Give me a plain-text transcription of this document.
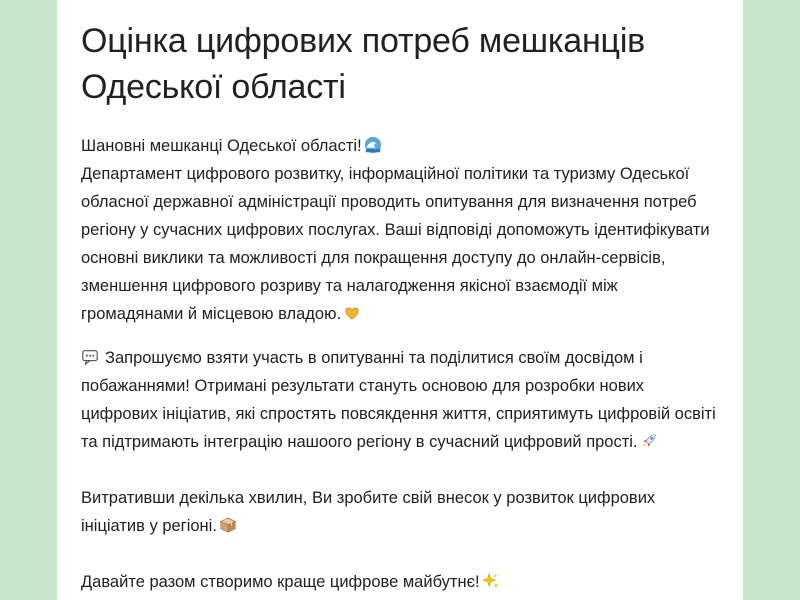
Оцінка цифрових потреб мешканців Одеської області
Шановні мешканці Одеської області!
Департамент цифрового розвитку, інформаційної політики та туризму Одеської обласної державної адміністрації проводить опитування для визначення потреб регіону у сучасних цифрових послугах. Ваші відповіді допоможуть ідентифікувати основні виклики та можливості для покращення доступу до онлайн-сервісів, зменшення цифрового розриву та налагодження якісної взаємодії між громадянами й місцевою владою.
Запрошуємо взяти участь в опитуванні та поділитися своїм досвідом і побажаннями! Отримані результати стануть основою для розробки нових цифрових ініціатив, які спростять повсякдення життя, сприятимуть цифровій освіті та підтримають інтеграцію нашоого регіону в сучасний цифровий прості.
Витративши декілька хвилин, Ви зробите свій внесок у розвиток цифрових ініціатив у регіоні.
Давайте разом створимо краще цифрове майбутнє!
